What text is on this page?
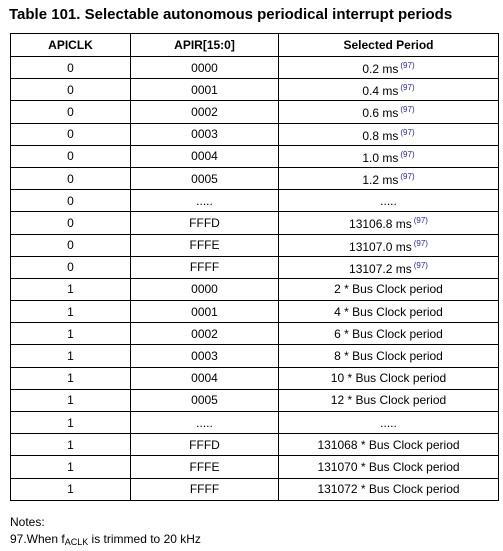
Table 101. Selectable autonomous periodical interrupt periods
APICLK	APIR[15:0]	Selected Period
0	0000	0.2 ms $^{(97)}$
0	0001	0.4 ms $^{(97)}$
0	0002	0.6 ms $^{(97)}$
0	0003	0.8 ms $^{(97)}$
0	0004	1.0 ms $^{(97)}$
0	0005	1.2 ms $^{(97)}$
0	.....	.....
0	FFFD	13106.8 ms $^{(97)}$
0	FFFE	13107.0 ms $^{(97)}$
0	FFFF	13107.2 ms $^{(97)}$
1	0000	2 * Bus Clock period
1	0001	4 * Bus Clock period
1	0002	6 * Bus Clock period
1	0003	8 * Bus Clock period
1	0004	10 * Bus Clock period
1	0005	12 * Bus Clock period
1	.....	.....
1	FFFD	131068 * Bus Clock period
1	FFFE	131070 * Bus Clock period
1	FFFF	131072 * Bus Clock period
Notes:
97.When $f_{ACLK}$ is trimmed to 20 kHz
